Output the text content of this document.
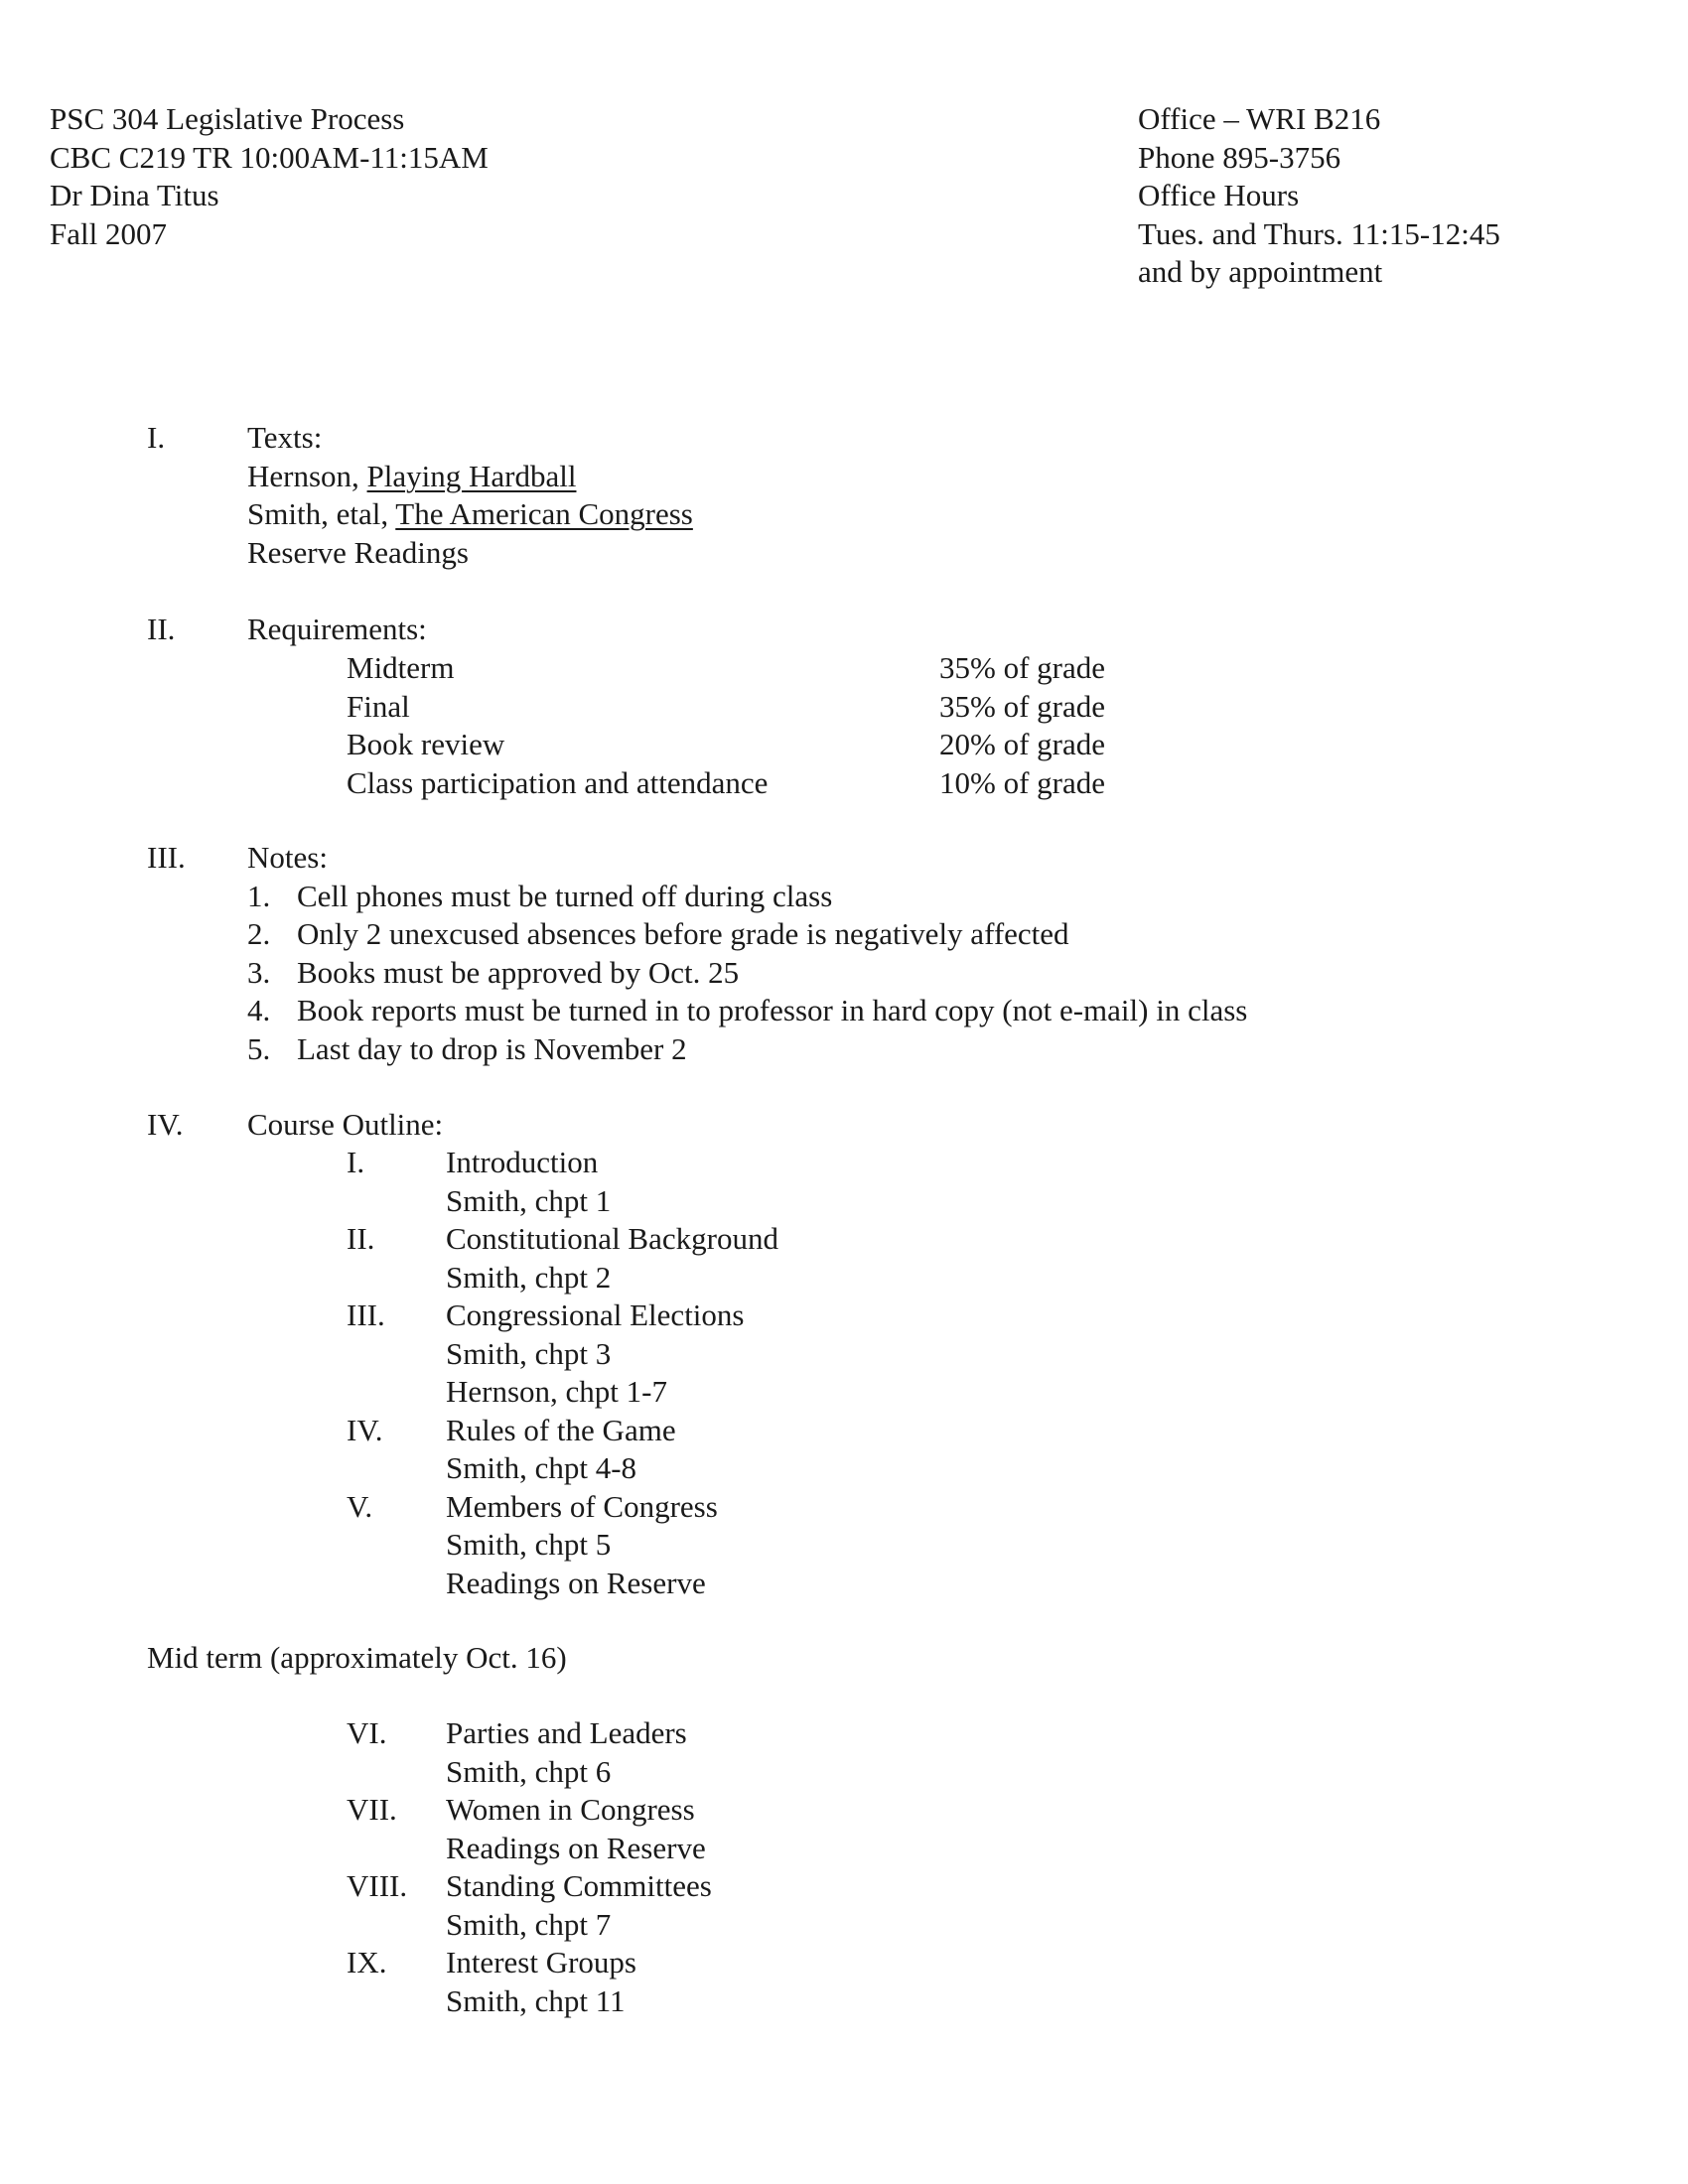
PSC 304 Legislative Process
CBC C219 TR 10:00AM-11:15AM
Dr Dina Titus
Fall 2007
Office – WRI B216
Phone 895-3756
Office Hours
Tues. and Thurs. 11:15-12:45
and by appointment
I.	Texts:
Hernson, Playing Hardball
Smith, etal, The American Congress
Reserve Readings
II. Requirements:
Midterm
Final
Book review
Class participation and attendance
35% of grade
35% of grade
20% of grade
10% of grade
III. Notes:
1. Cell phones must be turned off during class
2. Only 2 unexcused absences before grade is negatively affected
3. Books must be approved by Oct. 25
4. Book reports must be turned in to professor in hard copy (not e-mail) in class
5. Last day to drop is November 2
IV. Course Outline:
I.
II.
III.
IV.
V.
Introduction
Smith, chpt 1
Constitutional Background
Smith, chpt 2
Congressional Elections
Smith, chpt 3
Hernson, chpt 1-7
Rules of the Game
Smith, chpt 4-8
Members of Congress
Smith, chpt 5
Readings on Reserve
Mid term (approximately Oct. 16)
VI.
VII.
VIII.
IX.
Parties and Leaders
Smith, chpt 6
Women in Congress
Readings on Reserve
Standing Committees
Smith, chpt 7
Interest Groups
Smith, chpt 11
